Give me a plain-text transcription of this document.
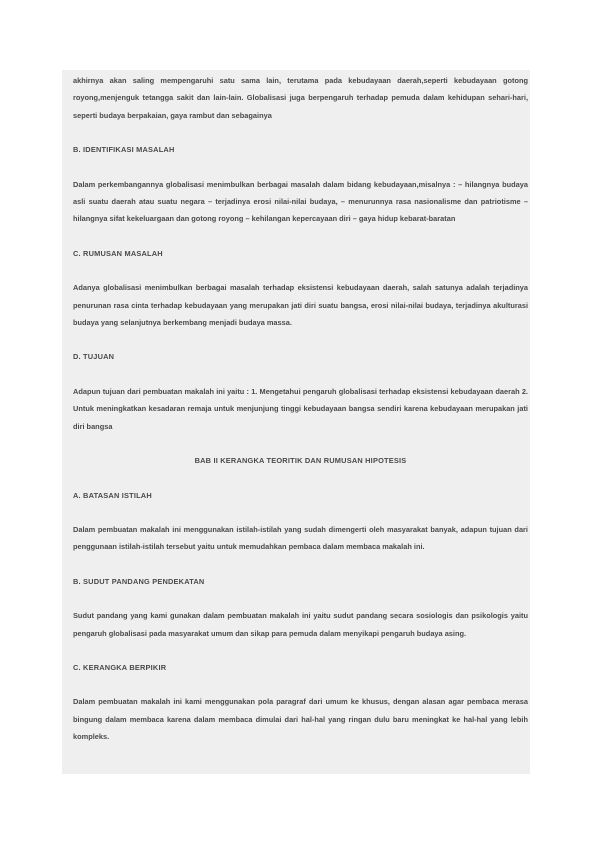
akhirnya akan saling mempengaruhi satu sama lain, terutama pada kebudayaan daerah,seperti kebudayaan gotong royong,menjenguk tetangga sakit dan lain-lain. Globalisasi juga berpengaruh terhadap pemuda dalam kehidupan sehari-hari, seperti budaya berpakaian, gaya rambut dan sebagainya

B. IDENTIFIKASI MASALAH

Dalam perkembangannya globalisasi menimbulkan berbagai masalah dalam bidang kebudayaan,misalnya : – hilangnya budaya asli suatu daerah atau suatu negara – terjadinya erosi nilai-nilai budaya, – menurunnya rasa nasionalisme dan patriotisme – hilangnya sifat kekeluargaan dan gotong royong – kehilangan kepercayaan diri – gaya hidup kebarat-baratan

C. RUMUSAN MASALAH

Adanya globalisasi menimbulkan berbagai masalah terhadap eksistensi kebudayaan daerah, salah satunya adalah terjadinya penurunan rasa cinta terhadap kebudayaan yang merupakan jati diri suatu bangsa, erosi nilai-nilai budaya, terjadinya akulturasi budaya yang selanjutnya berkembang menjadi budaya massa.

D. TUJUAN

Adapun tujuan dari pembuatan makalah ini yaitu : 1. Mengetahui pengaruh globalisasi terhadap eksistensi kebudayaan daerah 2. Untuk meningkatkan kesadaran remaja untuk menjunjung tinggi kebudayaan bangsa sendiri karena kebudayaan merupakan jati diri bangsa

BAB II KERANGKA TEORITIK DAN RUMUSAN HIPOTESIS
A. BATASAN ISTILAH

Dalam pembuatan makalah ini menggunakan istilah-istilah yang sudah dimengerti oleh masyarakat banyak, adapun tujuan dari penggunaan istilah-istilah tersebut yaitu untuk memudahkan pembaca dalam membaca makalah ini.

B. SUDUT PANDANG PENDEKATAN

Sudut pandang yang kami gunakan dalam pembuatan makalah ini yaitu sudut pandang secara sosiologis dan psikologis yaitu pengaruh globalisasi pada masyarakat umum dan sikap para pemuda dalam menyikapi pengaruh budaya asing.

C. KERANGKA BERPIKIR

Dalam pembuatan makalah ini kami menggunakan pola paragraf dari umum ke khusus, dengan alasan agar pembaca merasa bingung dalam membaca karena dalam membaca dimulai dari hal-hal yang ringan dulu baru meningkat ke hal-hal yang lebih kompleks.
